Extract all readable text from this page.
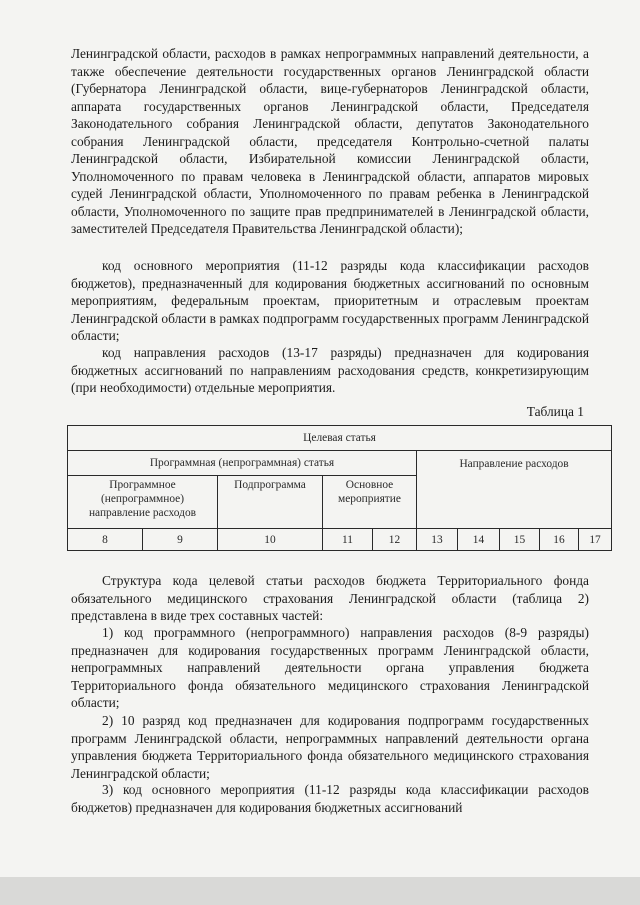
Ленинградской области, расходов в рамках непрограммных направлений деятельности, а также обеспечение деятельности государственных органов Ленинградской области (Губернатора Ленинградской области, вице-губернаторов Ленинградской области, аппарата государственных органов Ленинградской области, Председателя Законодательного собрания Ленинградской области, депутатов Законодательного собрания Ленинградской области, председателя Контрольно-счетной палаты Ленинградской области, Избирательной комиссии Ленинградской области, Уполномоченного по правам человека в Ленинградской области, аппаратов мировых судей Ленинградской области, Уполномоченного по правам ребенка в Ленинградской области, Уполномоченного по защите прав предпринимателей в Ленинградской области, заместителей Председателя Правительства Ленинградской области);

код основного мероприятия (11-12 разряды кода классификации расходов бюджетов), предназначенный для кодирования бюджетных ассигнований по основным мероприятиям, федеральным проектам, приоритетным и отраслевым проектам Ленинградской области в рамках подпрограмм государственных программ Ленинградской области;

код направления расходов (13-17 разряды) предназначен для кодирования бюджетных ассигнований по направлениям расходования средств, конкретизирующим (при необходимости) отдельные мероприятия.

Таблица 1
Целевая статья									
Программная (непрограммная) статья					Направление расходов				
Программное (непрограммное) направление расходов		Подпрограмма	Основное мероприятие						
8	9	10	11	12	13	14	15	16	17

Структура кода целевой статьи расходов бюджета Территориального фонда обязательного медицинского страхования Ленинградской области (таблица 2) представлена в виде трех составных частей:

1) код программного (непрограммного) направления расходов (8-9 разряды) предназначен для кодирования государственных программ Ленинградской области, непрограммных направлений деятельности органа управления бюджета Территориального фонда обязательного медицинского страхования Ленинградской области;

2) 10 разряд код предназначен для кодирования подпрограмм государственных программ Ленинградской области, непрограммных направлений деятельности органа управления бюджета Территориального фонда обязательного медицинского страхования Ленинградской области;

3) код основного мероприятия (11-12 разряды кода классификации расходов бюджетов) предназначен для кодирования бюджетных ассигнований
